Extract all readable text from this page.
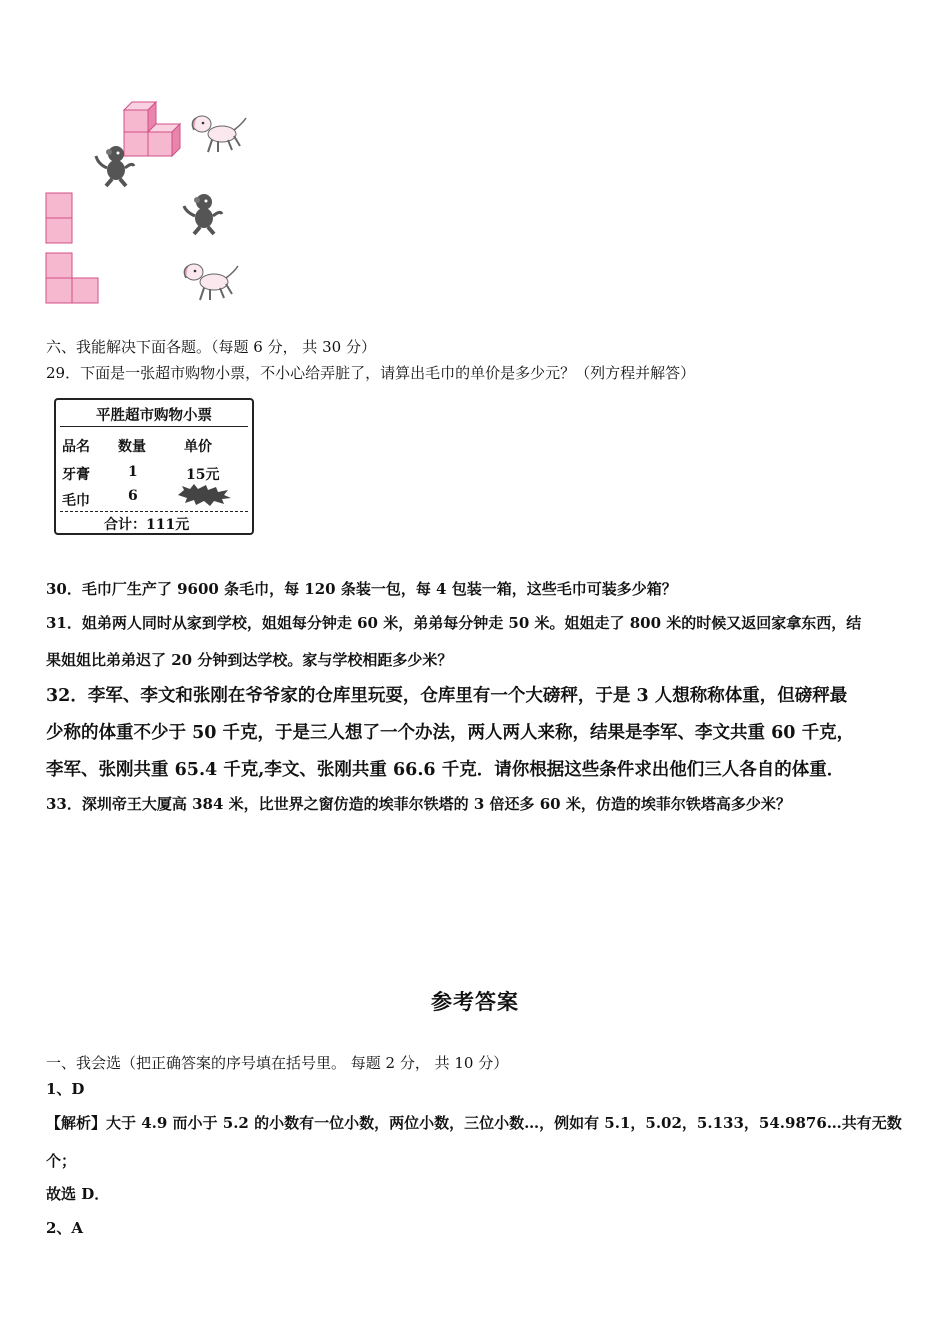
六、我能解决下面各题。（每题 6 分， 共 30 分）
29．下面是一张超市购物小票，不小心给弄脏了，请算出毛巾的单价是多少元？（列方程并解答）
平胜超市购物小票
品名 数量	单价
牙膏	1	15元
毛巾	6
合计：111元
30．毛巾厂生产了 9600 条毛巾，每 120 条装一包，每 4 包装一箱，这些毛巾可装多少箱？
31．姐弟两人同时从家到学校，姐姐每分钟走 60 米，弟弟每分钟走 50 米。姐姐走了 800 米的时候又返回家拿东西，结
果姐姐比弟弟迟了 20 分钟到达学校。家与学校相距多少米？
32．李军、李文和张刚在爷爷家的仓库里玩耍，仓库里有一个大磅秤，于是 3 人想称称体重，但磅秤最
少称的体重不少于 50 千克，于是三人想了一个办法，两人两人来称，结果是李军、李文共重 60 千克，
李军、张刚共重 65.4 千克,李文、张刚共重 66.6 千克．请你根据这些条件求出他们三人各自的体重．
33．深圳帝王大厦高 384 米，比世界之窗仿造的埃菲尔铁塔的 3 倍还多 60 米，仿造的埃菲尔铁塔高多少米？
参考答案
一、我会选（把正确答案的序号填在括号里。 每题 2 分， 共 10 分）
1、D
【解析】大于 4.9 而小于 5.2 的小数有一位小数，两位小数，三位小数…，例如有 5.1，5.02，5.133，54.9876…共有无数
个；
故选 D．
2、A
